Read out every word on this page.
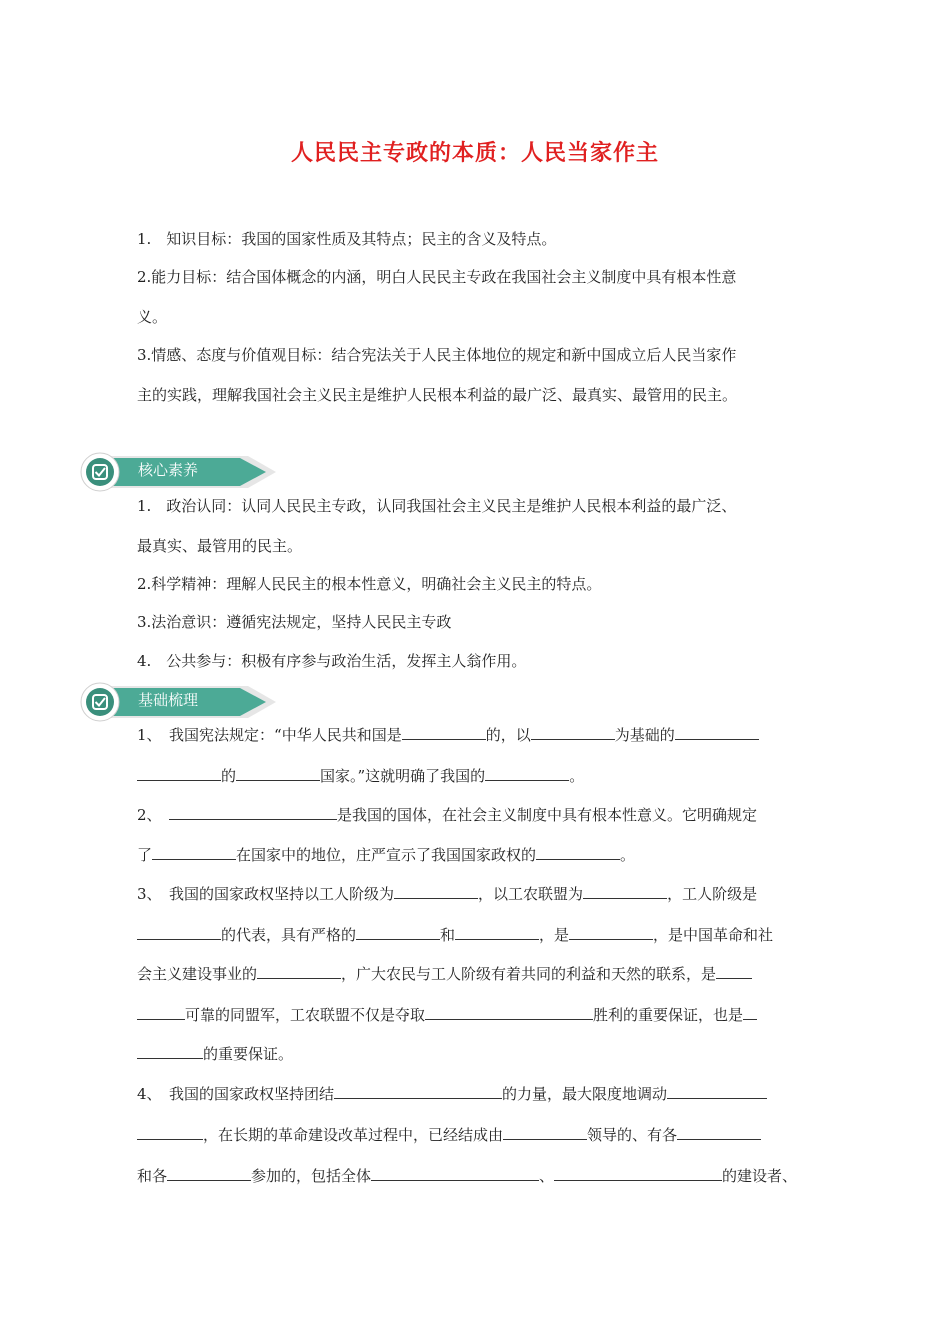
人民民主专政的本质：人民当家作主
1.　知识目标：我国的国家性质及其特点；民主的含义及特点。
2.能力目标：结合国体概念的内涵，明白人民民主专政在我国社会主义制度中具有根本性意
义。
3.情感、态度与价值观目标：结合宪法关于人民主体地位的规定和新中国成立后人民当家作
主的实践，理解我国社会主义民主是维护人民根本利益的最广泛、最真实、最管用的民主。
核心素养
1.　政治认同：认同人民民主专政，认同我国社会主义民主是维护人民根本利益的最广泛、
最真实、最管用的民主。
2.科学精神：理解人民民主的根本性意义，明确社会主义民主的特点。
3.法治意识：遵循宪法规定，坚持人民民主专政
4.　公共参与：积极有序参与政治生活，发挥主人翁作用。
基础梳理
1、　我国宪法规定：“中华人民共和国是	的，以	为基础的
的	国家。”这就明确了我国的	。
2、　	是我国的国体，在社会主义制度中具有根本性意义。它明确规定
了	在国家中的地位，庄严宣示了我国国家政权的	。
3、　我国的国家政权坚持以工人阶级为	，以工农联盟为	，工人阶级是
的代表，具有严格的	和	，是	，是中国革命和社
会主义建设事业的	，广大农民与工人阶级有着共同的利益和天然的联系，是
可靠的同盟军，工农联盟不仅是夺取	胜利的重要保证，也是
的重要保证。
4、　我国的国家政权坚持团结	的力量，最大限度地调动
，在长期的革命建设改革过程中，已经结成由	领导的、有各
和各	参加的，包括全体	、	的建设者、
